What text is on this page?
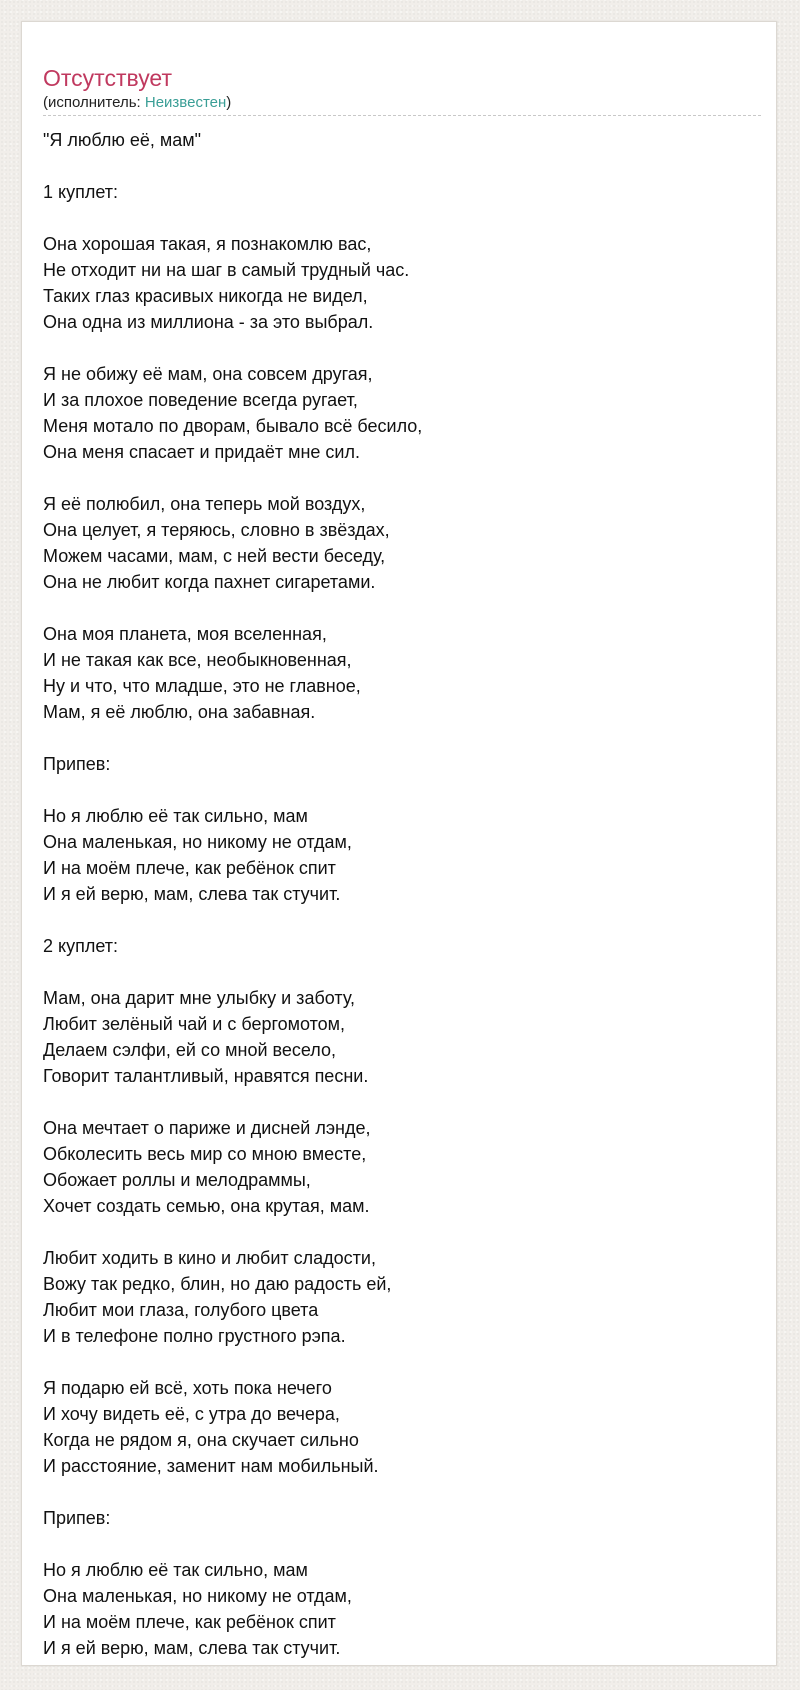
Отсутствует
(исполнитель: Неизвестен)
"Я люблю её, мам"
1 куплет:
Она хорошая такая, я познакомлю вас,
Не отходит ни на шаг в самый трудный час.
Таких глаз красивых никогда не видел,
Она одна из миллиона - за это выбрал.
Я не обижу её мам, она совсем другая,
И за плохое поведение всегда ругает,
Меня мотало по дворам, бывало всё бесило,
Она меня спасает и придаёт мне сил.
Я её полюбил, она теперь мой воздух,
Она целует, я теряюсь, словно в звёздах,
Можем часами, мам, с ней вести беседу,
Она не любит когда пахнет сигаретами.
Она моя планета, моя вселенная,
И не такая как все, необыкновенная,
Ну и что, что младше, это не главное,
Мам, я её люблю, она забавная.
Припев:
Но я люблю её так сильно, мам
Она маленькая, но никому не отдам,
И на моём плече, как ребёнок спит
И я ей верю, мам, слева так стучит.
2 куплет:
Мам, она дарит мне улыбку и заботу,
Любит зелёный чай и с бергомотом,
Делаем сэлфи, ей со мной весело,
Говорит талантливый, нравятся песни.
Она мечтает о париже и дисней лэнде,
Обколесить весь мир со мною вместе,
Обожает роллы и мелодраммы,
Хочет создать семью, она крутая, мам.
Любит ходить в кино и любит сладости,
Вожу так редко, блин, но даю радость ей,
Любит мои глаза, голубого цвета
И в телефоне полно грустного рэпа.
Я подарю ей всё, хоть пока нечего
И хочу видеть её, с утра до вечера,
Когда не рядом я, она скучает сильно
И расстояние, заменит нам мобильный.
Припев:
Но я люблю её так сильно, мам
Она маленькая, но никому не отдам,
И на моём плече, как ребёнок спит
И я ей верю, мам, слева так стучит.
